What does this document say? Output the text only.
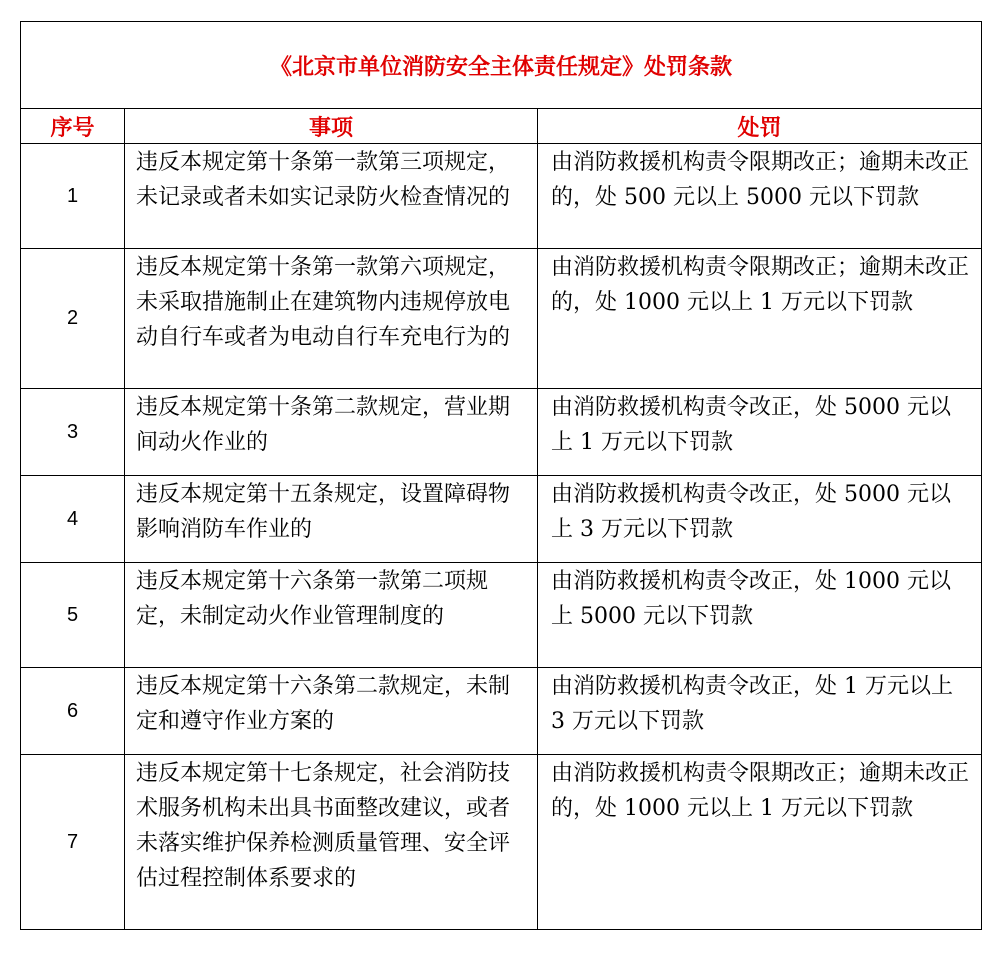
《北京市单位消防安全主体责任规定》处罚条款		
序号	事项	处罚
1	违反本规定第十条第一款第三项规定，未记录或者未如实记录防火检查情况的	由消防救援机构责令限期改正；逾期未改正的，处 500 元以上 5000 元以下罚款
2	违反本规定第十条第一款第六项规定，未采取措施制止在建筑物内违规停放电动自行车或者为电动自行车充电行为的	由消防救援机构责令限期改正；逾期未改正的，处 1000 元以上 1 万元以下罚款
3	违反本规定第十条第二款规定，营业期间动火作业的	由消防救援机构责令改正，处 5000 元以上 1 万元以下罚款
4	违反本规定第十五条规定，设置障碍物影响消防车作业的	由消防救援机构责令改正，处 5000 元以上 3 万元以下罚款
5	违反本规定第十六条第一款第二项规定，未制定动火作业管理制度的	由消防救援机构责令改正，处 1000 元以上 5000 元以下罚款
6	违反本规定第十六条第二款规定，未制定和遵守作业方案的	由消防救援机构责令改正，处 1 万元以上 3 万元以下罚款
7	违反本规定第十七条规定，社会消防技术服务机构未出具书面整改建议，或者未落实维护保养检测质量管理、安全评估过程控制体系要求的	由消防救援机构责令限期改正；逾期未改正的，处 1000 元以上 1 万元以下罚款
